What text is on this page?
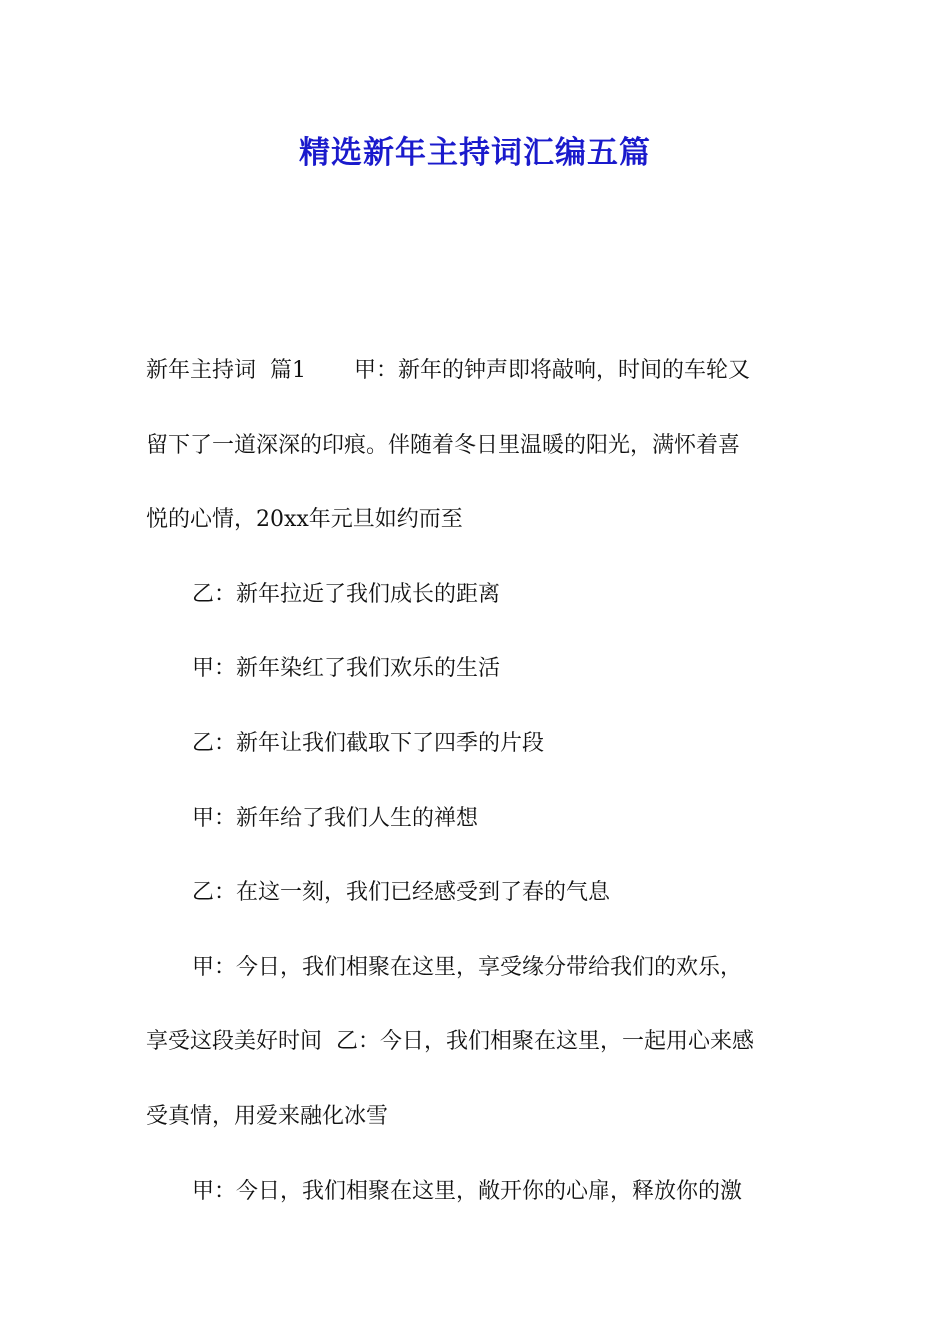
精选新年主持词汇编五篇
新年主持词 篇1 甲：新年的钟声即将敲响，时间的车轮又
留下了一道深深的印痕。伴随着冬日里温暖的阳光，满怀着喜
悦的心情，20xx年元旦如约而至
乙：新年拉近了我们成长的距离
甲：新年染红了我们欢乐的生活
乙：新年让我们截取下了四季的片段
甲：新年给了我们人生的禅想
乙：在这一刻，我们已经感受到了春的气息
甲：今日，我们相聚在这里，享受缘分带给我们的欢乐，
享受这段美好时间 乙：今日，我们相聚在这里，一起用心来感
受真情，用爱来融化冰雪
甲：今日，我们相聚在这里，敞开你的心扉，释放你的激
